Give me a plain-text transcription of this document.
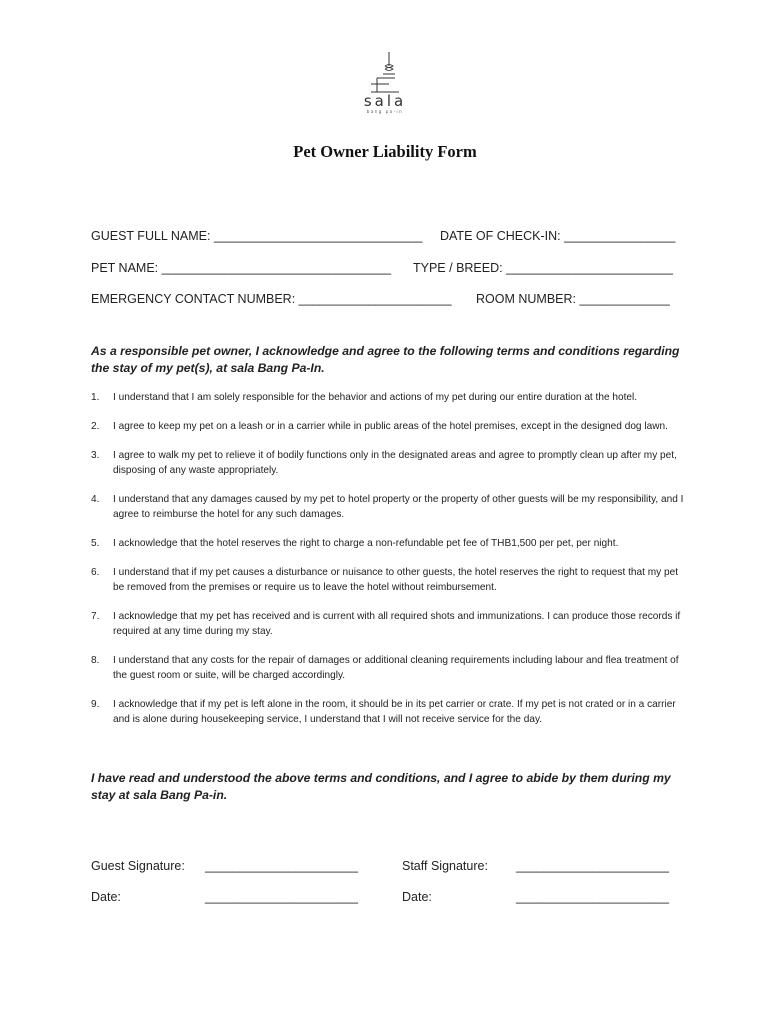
sala
bang pa-in
Pet Owner Liability Form
GUEST FULL NAME: ______________________________ DATE OF CHECK-IN: ________________
PET NAME: _________________________________ TYPE / BREED: ________________________
EMERGENCY CONTACT NUMBER: ______________________ ROOM NUMBER: _____________
As a responsible pet owner, I acknowledge and agree to the following terms and conditions regarding the stay of my pet(s), at sala Bang Pa-In.
1. I understand that I am solely responsible for the behavior and actions of my pet during our entire duration at the hotel.
2. I agree to keep my pet on a leash or in a carrier while in public areas of the hotel premises, except in the designed dog lawn.
3. I agree to walk my pet to relieve it of bodily functions only in the designated areas and agree to promptly clean up after my pet, disposing of any waste appropriately.
4. I understand that any damages caused by my pet to hotel property or the property of other guests will be my responsibility, and I agree to reimburse the hotel for any such damages.
5. I acknowledge that the hotel reserves the right to charge a non-refundable pet fee of THB1,500 per pet, per night.
6. I understand that if my pet causes a disturbance or nuisance to other guests, the hotel reserves the right to request that my pet be removed from the premises or require us to leave the hotel without reimbursement.
7. I acknowledge that my pet has received and is current with all required shots and immunizations. I can produce those records if required at any time during my stay.
8. I understand that any costs for the repair of damages or additional cleaning requirements including labour and flea treatment of the guest room or suite, will be charged accordingly.
9. I acknowledge that if my pet is left alone in the room, it should be in its pet carrier or crate. If my pet is not crated or in a carrier and is alone during housekeeping service, I understand that I will not receive service for the day.
I have read and understood the above terms and conditions, and I agree to abide by them during my stay at sala Bang Pa-in.
Guest Signature: ______________________	Staff Signature: ______________________
Date:	______________________	Date:	______________________
